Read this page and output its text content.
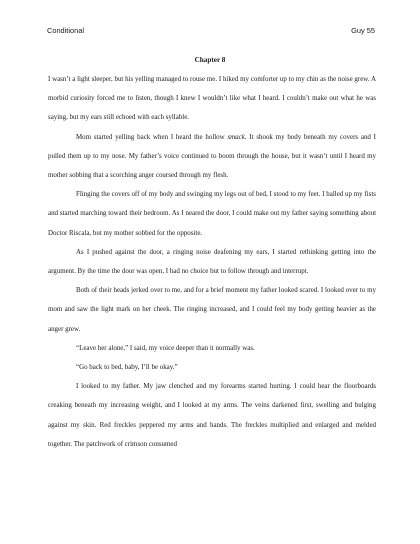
Conditional	Guy 55
Chapter 8

I wasn’t a light sleeper, but his yelling managed to rouse me. I hiked my comforter up to my chin as the noise grew. A morbid curiosity forced me to listen, though I knew I wouldn’t like what I heard. I couldn’t make out what he was saying, but my ears still echoed with each syllable.

Mom started yelling back when I heard the hollow smack. It shook my body beneath my covers and I pulled them up to my nose. My father’s voice continued to boom through the house, but it wasn’t until I heard my mother sobbing that a scorching anger coursed through my flesh.

Flinging the covers off of my body and swinging my legs out of bed, I stood to my feet. I balled up my fists and started marching toward their bedroom. As I neared the door, I could make out my father saying something about Doctor Riscala, but my mother sobbed for the opposite.

As I pushed against the door, a ringing noise deafening my ears, I started rethinking getting into the argument. By the time the door was open, I had no choice but to follow through and interrupt.

Both of their heads jerked over to me, and for a brief moment my father looked scared. I looked over to my mom and saw the light mark on her cheek. The ringing increased, and I could feel my body getting heavier as the anger grew.

“Leave her alone,” I said, my voice deeper than it normally was.

“Go back to bed, baby, I’ll be okay.”

I looked to my father. My jaw clenched and my forearms started hurting. I could hear the floorboards creaking beneath my increasing weight, and I looked at my arms. The veins darkened first, swelling and bulging against my skin. Red freckles peppered my arms and hands. The freckles multiplied and enlarged and melded together. The patchwork of crimson consumed
